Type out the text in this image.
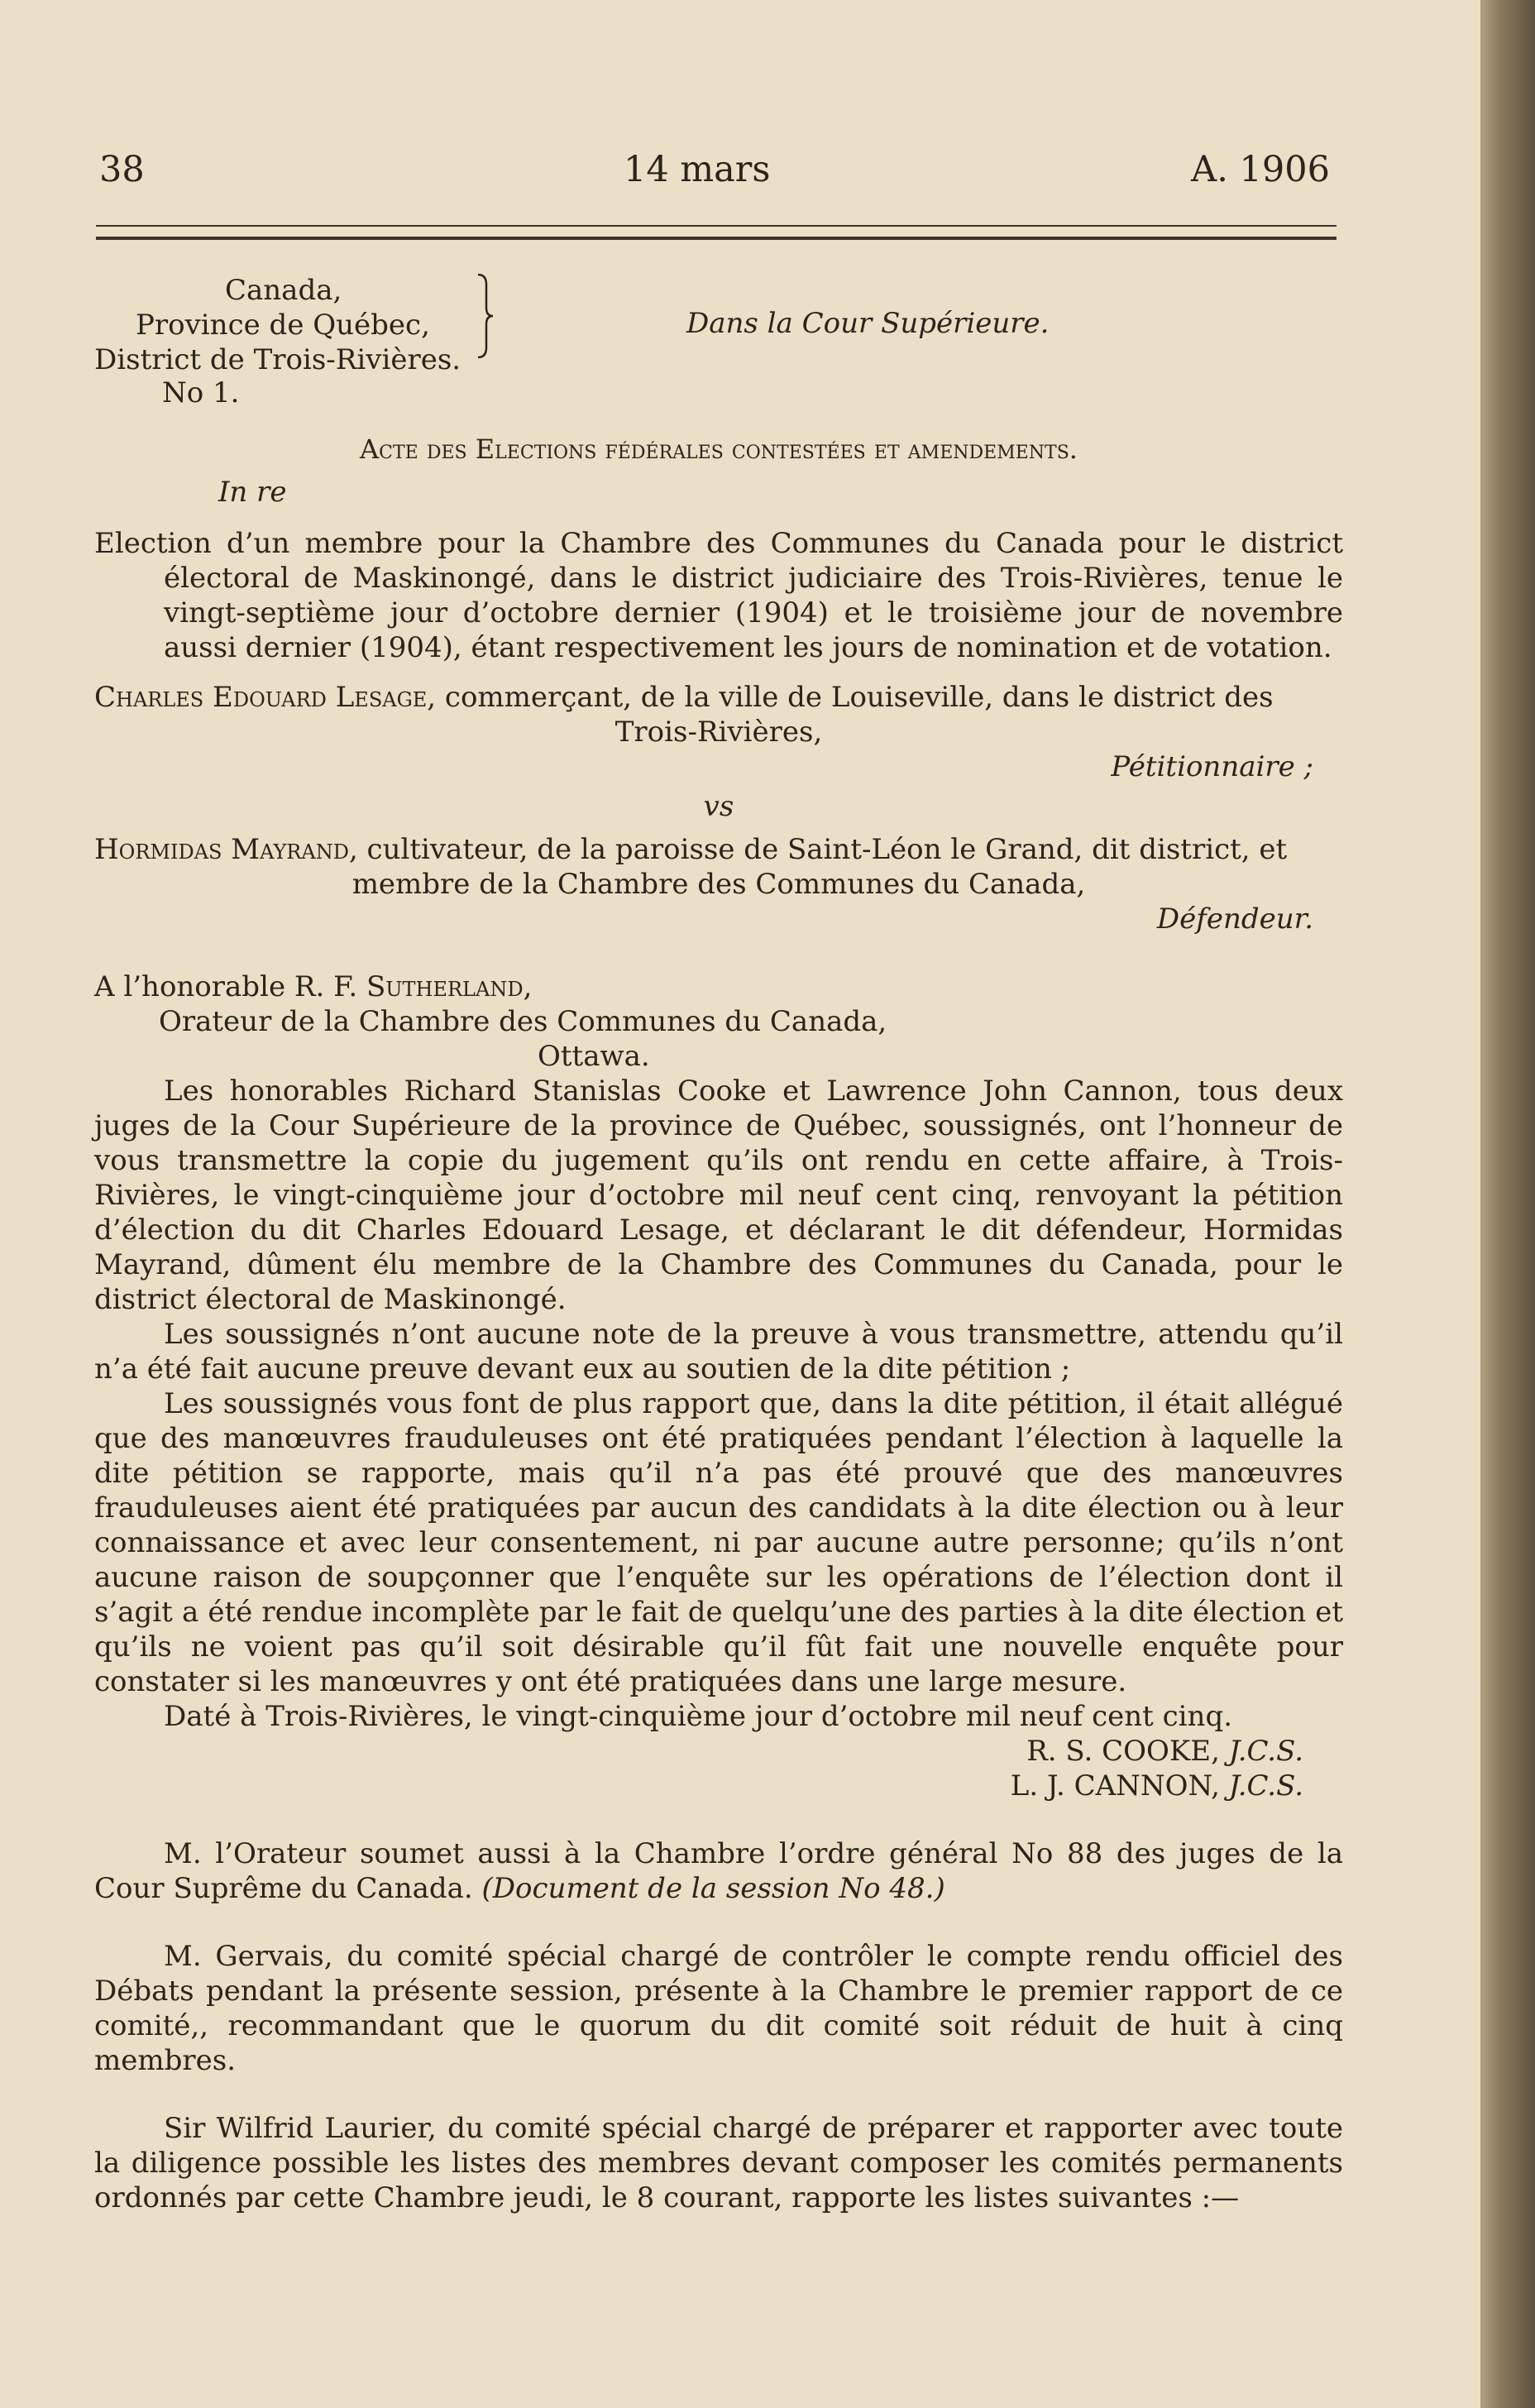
38	14 mars	A. 1906
Canada,
Province de Québec,
District de Trois-Rivières.
No 1.
Dans la Cour Supérieure.
Acte des Elections fédérales contestées et amendements.
In re

Election d’un membre pour la Chambre des Communes du Canada pour le district électoral de Maskinongé, dans le district judiciaire des Trois-Rivières, tenue le vingt-septième jour d’octobre dernier (1904) et le troisième jour de novembre aussi dernier (1904), étant respectivement les jours de nomination et de votation.

Charles Edouard Lesage, commerçant, de la ville de Louiseville, dans le district des

Trois-Rivières,
Pétitionnaire ;
vs

Hormidas Mayrand, cultivateur, de la paroisse de Saint-Léon le Grand, dit district, et

membre de la Chambre des Communes du Canada,
Défendeur.

A l’honorable R. F. Sutherland,

Orateur de la Chambre des Communes du Canada,

Ottawa.

Les honorables Richard Stanislas Cooke et Lawrence John Cannon, tous deux juges de la Cour Supérieure de la province de Québec, soussignés, ont l’honneur de vous transmettre la copie du jugement qu’ils ont rendu en cette affaire, à Trois-Rivières, le vingt-cinquième jour d’octobre mil neuf cent cinq, renvoyant la pétition d’élection du dit Charles Edouard Lesage, et déclarant le dit défendeur, Hormidas Mayrand, dûment élu membre de la Chambre des Communes du Canada, pour le district électoral de Maskinongé.

Les soussignés n’ont aucune note de la preuve à vous transmettre, attendu qu’il n’a été fait aucune preuve devant eux au soutien de la dite pétition ;

Les soussignés vous font de plus rapport que, dans la dite pétition, il était allégué que des manœuvres frauduleuses ont été pratiquées pendant l’élection à laquelle la dite pétition se rapporte, mais qu’il n’a pas été prouvé que des manœuvres frauduleuses aient été pratiquées par aucun des candidats à la dite élection ou à leur connaissance et avec leur consentement, ni par aucune autre personne; qu’ils n’ont aucune raison de soupçonner que l’enquête sur les opérations de l’élection dont il s’agit a été rendue incomplète par le fait de quelqu’une des parties à la dite élection et qu’ils ne voient pas qu’il soit désirable qu’il fût fait une nouvelle enquête pour constater si les manœuvres y ont été pratiquées dans une large mesure.

Daté à Trois-Rivières, le vingt-cinquième jour d’octobre mil neuf cent cinq.

R. S. COOKE, J.C.S.

L. J. CANNON, J.C.S.

M. l’Orateur soumet aussi à la Chambre l’ordre général No 88 des juges de la Cour Suprême du Canada. (Document de la session No 48.)

M. Gervais, du comité spécial chargé de contrôler le compte rendu officiel des Débats pendant la présente session, présente à la Chambre le premier rapport de ce comité,, recommandant que le quorum du dit comité soit réduit de huit à cinq membres.

Sir Wilfrid Laurier, du comité spécial chargé de préparer et rapporter avec toute la diligence possible les listes des membres devant composer les comités permanents ordonnés par cette Chambre jeudi, le 8 courant, rapporte les listes suivantes :—
